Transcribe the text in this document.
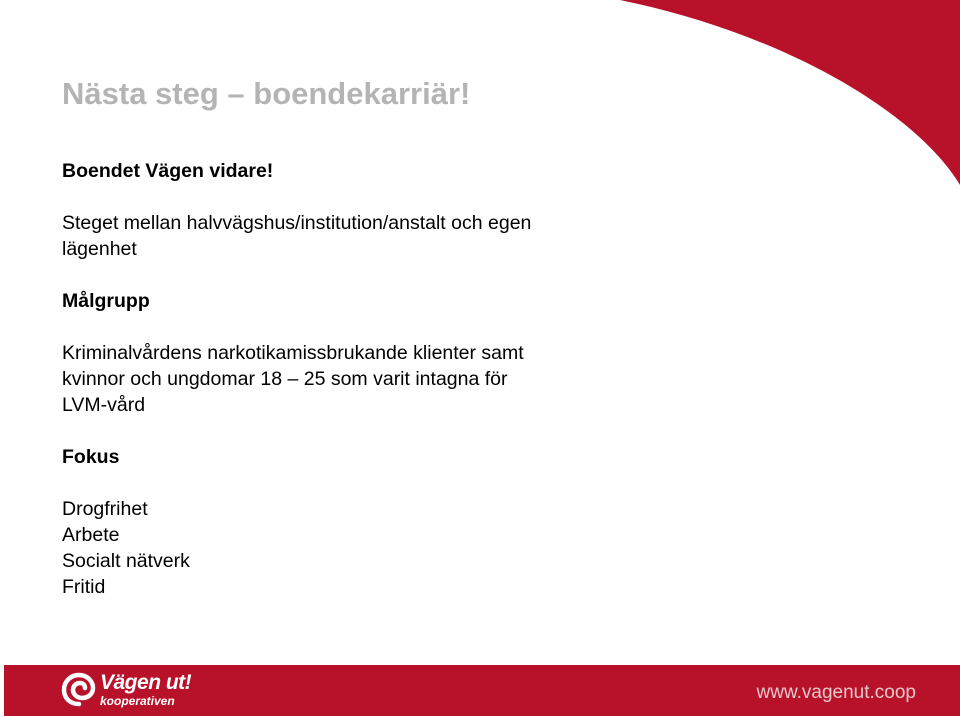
Nästa steg – boendekarriär!

Boendet Vägen vidare!

Steget mellan halvvägshus/institution/anstalt och egen

lägenhet

Målgrupp

Kriminalvårdens narkotikamissbrukande klienter samt

kvinnor och ungdomar 18 – 25 som varit intagna för

LVM-vård

Fokus

Drogfrihet

Arbete

Socialt nätverk

Fritid

Vägen ut!
kooperativen	www.vagenut.coop
